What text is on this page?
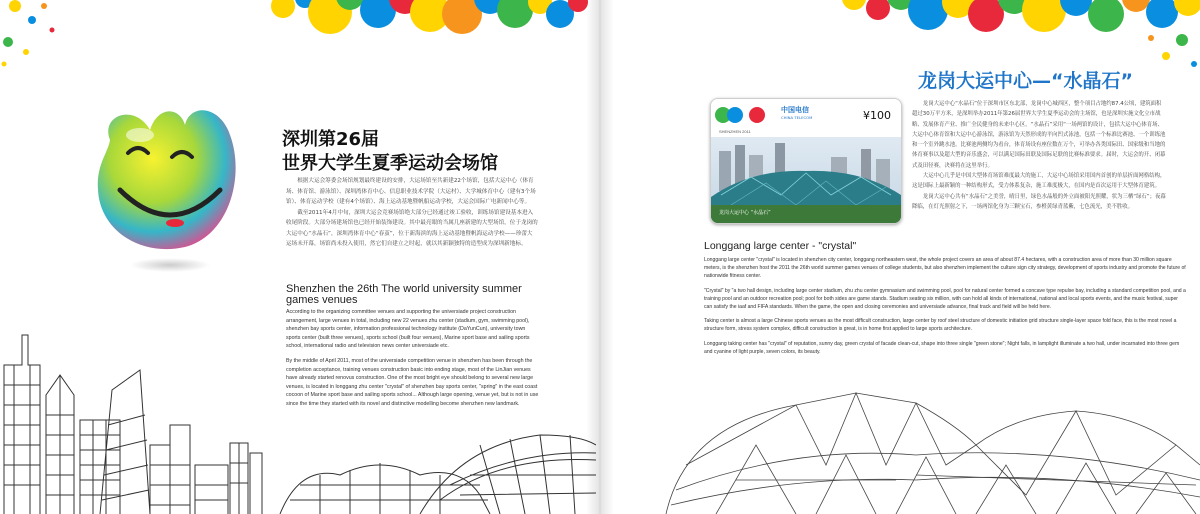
深圳第26届
世界大学生夏季运动会场馆

根据大运会筹委会场馆规划最终建设的安排，大运场馆至共新建22个场馆，包括大运中心（体育场、体育馆、游泳馆）、深圳湾体育中心、信息职业技术学院（大运村）、大学城体育中心（建有3个场馆）、体育运动学校（建有4个场馆）、海上运动基地暨帆船运动学校，大运会国际广电新闻中心等。

截至2011年4月中旬，深圳大运会竞赛场馆绝大部分已经通过竣工验收，训练场馆建设基本进入收尾阶段。大部分场建场馆也已经开始装饰建设。其中最亮眼的当属几座新建的大型场馆，位于龙岗的大运中心“水晶石”，深圳湾体育中心“春茧”，位于新海滨的海上运动基地暨帆海运动学校——珍蕾大运场未开幕，场馆尚未投入使用，然它们自建立之时起，就以其新颖独特的造型成为深圳新地标。

Shenzhen the 26th The world university summer games venues

According to the organizing committee venues and supporting the universiade project construction arrangement, large venues in total, including new 22 venues zhu center (stadium, gym, swimming pool), shenzhen bay sports center, information professional technology institute (DaYunCun), university town sports center (built three venues), sports school (built four venues), Marine sport base and sailing sports school, international radio and television news center universiade etc.

By the middle of April 2011, most of the universiade competition venue in shenzhen has been through the completion acceptance, training venues construction basic into ending stage, most of the LinJian venues have already started renovus construction. One of the most bright eye should belong to several new large venues, is located in longgang zhu center "crystal" of shenzhen bay sports center, "spring" in the east coast cocoon of Marine sport base and sailing sports school... Although large opening, venue yet, but is not in use since the time they started with its novel and distinctive modelling become shenzhen new landmark.

龙岗大运中心—“水晶石”

龙岗大运中心“水晶石”位于深圳市区东北部，龙岗中心城西区，整个项目占地约87.4公顷，建筑面积超过30万平方米，是深圳举办2011年第26届世界大学生夏季运动会的主场馆，也是深圳实施文化立市战略、发展体育产业、推广全民健身的未来中心区。“水晶石”采用“一场两馆的设计，包括大运中心体育场、大运中心体育馆和大运中心游泳馆，游泳馆为天然形成的平向凹式泳池，包括一个标准比赛池、一个训练池和一个室外跳水池。比赛池两侧均为看台，体育场设有座位数在万个，可举办各类国际田、国家级和当地的体育赛事以及超大型的音乐盛会，可以满足国际田联及国际足联的比赛标准要求。届时，大运会的开、闭幕式及田径赛，决赛将在这里举行。

大运中心几乎是中国大型体育场馆难度最大的施工，大运中心场馆采用国内首创的单层折面网格结构，这是国际上最新颖的一种结构形式，受力体系复杂，施工难度极大，在国内是首次运用于大型体育建筑。

龙岗大运中心共有“水晶石”之美誉，晴日里，绿色水晶般的外立面被阳光照耀，状为三栖“绿石”；夜幕降临，在灯光照射之下，一场两馆化身为三颗宝石，参橙黄绿青蓝紫，七色流光，美不胜收。

Longgang large center - "crystal"

Longgang large center "crystal" is located in shenzhen city center, longgang northeastern west, the whole project covers an area of about 87.4 hectares, with a construction area of more than 30 million square meters, is the shenzhen host the 2011 the 26th world summer games venues of college students, but also shenzhen implement the culture sign city strategy, development of sports industry and promote the future of nationwide fitness center.

"Crystal" by "a two hall design, including large center stadium, zhu zhu center gymnasium and swimming pool, pool for natural center formed a concave type repulse bay, including a standard competition pool, and a training pool and an outdoor recreation pool; pool for both sides are game stands. Stadium seating six million, with can hold all kinds of international, national and local sports events, and the music festival, super can satisfy the iaaf and FIFA standards. When the game, the open and closing ceremonies and universiade advance, final track and field will be held here.

Taking center is almost a large Chinese sports venues as the most difficult construction, large center by roof steel structure of domestic initiation grid structure single-layer space fold face, this is the most novel a structure form, stress system complex, difficult construction is great, is in home first applied to large sports architecture.

Longgang taking center has "crystal" of reputation, sunny day, green crystal of facade clean-cut, shape into three single "green stone"; Night falls, in lamplight illuminate a two hall, under incarnated into three gem and cyanine of light purple, seven colors, its beauty.

SHENZHEN 2011
中国电信
CHINA TELECOM	¥100
龙岗大运中心 “水晶石”
